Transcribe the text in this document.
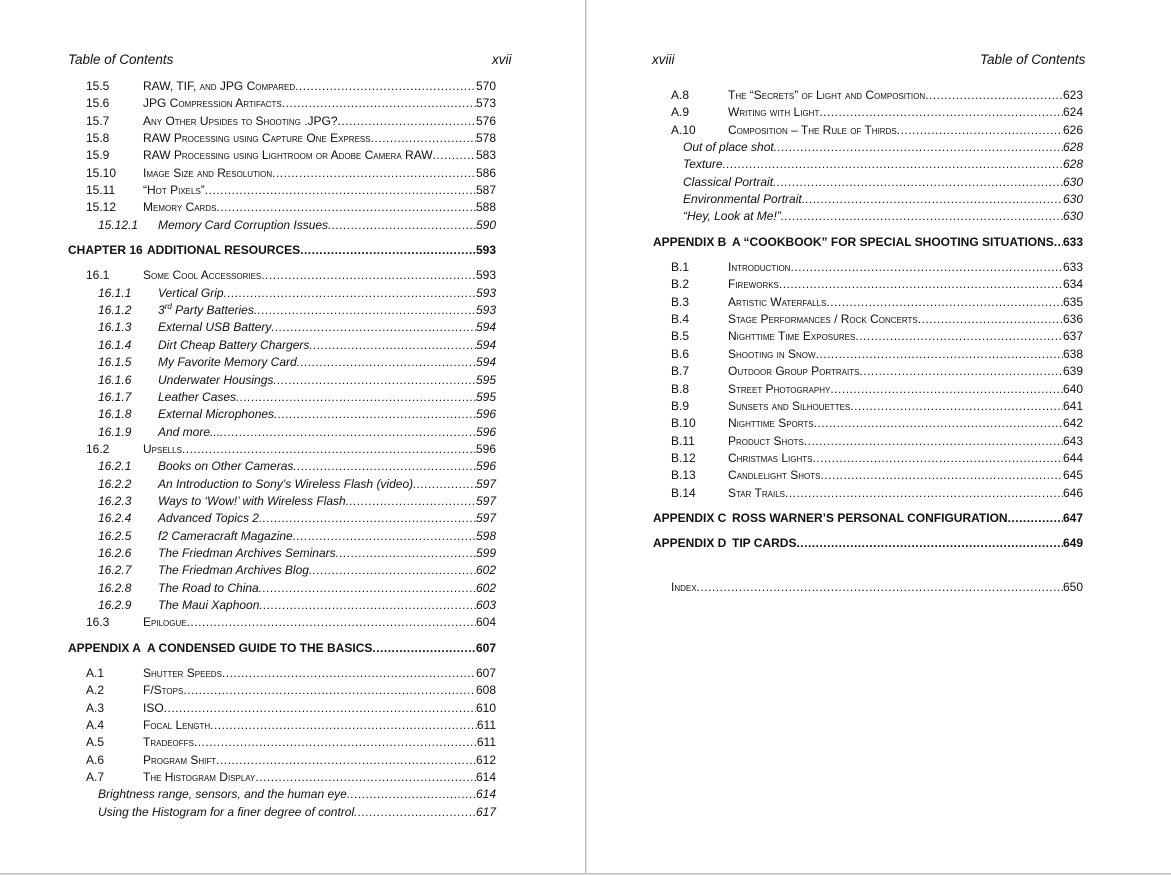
Table of Contents	xvii
15.5	RAW, TIF, and JPG Compared .....	570
15.6	JPG Compression Artifacts .....	573
15.7	Any Other Upsides to Shooting .JPG? .....	576
15.8	RAW Processing using Capture One Express .....	578
15.9	RAW Processing using Lightroom or Adobe Camera RAW .....	583
15.10	Image Size and Resolution .....	586
15.11	“Hot Pixels” .....	587
15.12	Memory Cards .....	588
15.12.1	Memory Card Corruption Issues .....	590
CHAPTER 16 ADDITIONAL RESOURCES .....	593
16.1	Some Cool Accessories .....	593
16.1.1	Vertical Grip .....	593
16.1.2	3rd Party Batteries .....	593
16.1.3	External USB Battery .....	594
16.1.4	Dirt Cheap Battery Chargers .....	594
16.1.5	My Favorite Memory Card .....	594
16.1.6	Underwater Housings .....	595
16.1.7	Leather Cases .....	595
16.1.8	External Microphones .....	596
16.1.9	And more... .....	596
16.2	Upsells .....	596
16.2.1	Books on Other Cameras .....	596
16.2.2	An Introduction to Sony’s Wireless Flash (video) .....	597
16.2.3	Ways to ‘Wow!’ with Wireless Flash .....	597
16.2.4	Advanced Topics 2 .....	597
16.2.5	f2 Cameracraft Magazine .....	598
16.2.6	The Friedman Archives Seminars .....	599
16.2.7	The Friedman Archives Blog .....	602
16.2.8	The Road to China .....	602
16.2.9	The Maui Xaphoon .....	603
16.3	Epilogue .....	604
APPENDIX A A CONDENSED GUIDE TO THE BASICS .....	607
A.1	Shutter Speeds .....	607
A.2	F/Stops .....	608
A.3	ISO .....	610
A.4	Focal Length .....	611
A.5	Tradeoffs .....	611
A.6	Program Shift .....	612
A.7	The Histogram Display .....	614
Brightness range, sensors, and the human eye .....	614
Using the Histogram for a finer degree of control .....	617
xviii	Table of Contents
A.8	The “Secrets” of Light and Composition .....	623
A.9	Writing with Light .....	624
A.10	Composition – The Rule of Thirds .....	626
Out of place shot .....	628
Texture .....	628
Classical Portrait .....	630
Environmental Portrait .....	630
“Hey, Look at Me!” .....	630
APPENDIX B A “COOKBOOK” FOR SPECIAL SHOOTING SITUATIONS ..... 633
B.1	Introduction .....	633
B.2	Fireworks .....	634
B.3	Artistic Waterfalls .....	635
B.4	Stage Performances / Rock Concerts .....	636
B.5	Nighttime Time Exposures .....	637
B.6	Shooting in Snow .....	638
B.7	Outdoor Group Portraits .....	639
B.8	Street Photography .....	640
B.9	Sunsets and Silhouettes .....	641
B.10	Nighttime Sports .....	642
B.11	Product Shots .....	643
B.12	Christmas Lights .....	644
B.13	Candlelight Shots .....	645
B.14	Star Trails .....	646
APPENDIX C ROSS WARNER’S PERSONAL CONFIGURATION .....	647
APPENDIX D TIP CARDS .....	649
Index .....	650
